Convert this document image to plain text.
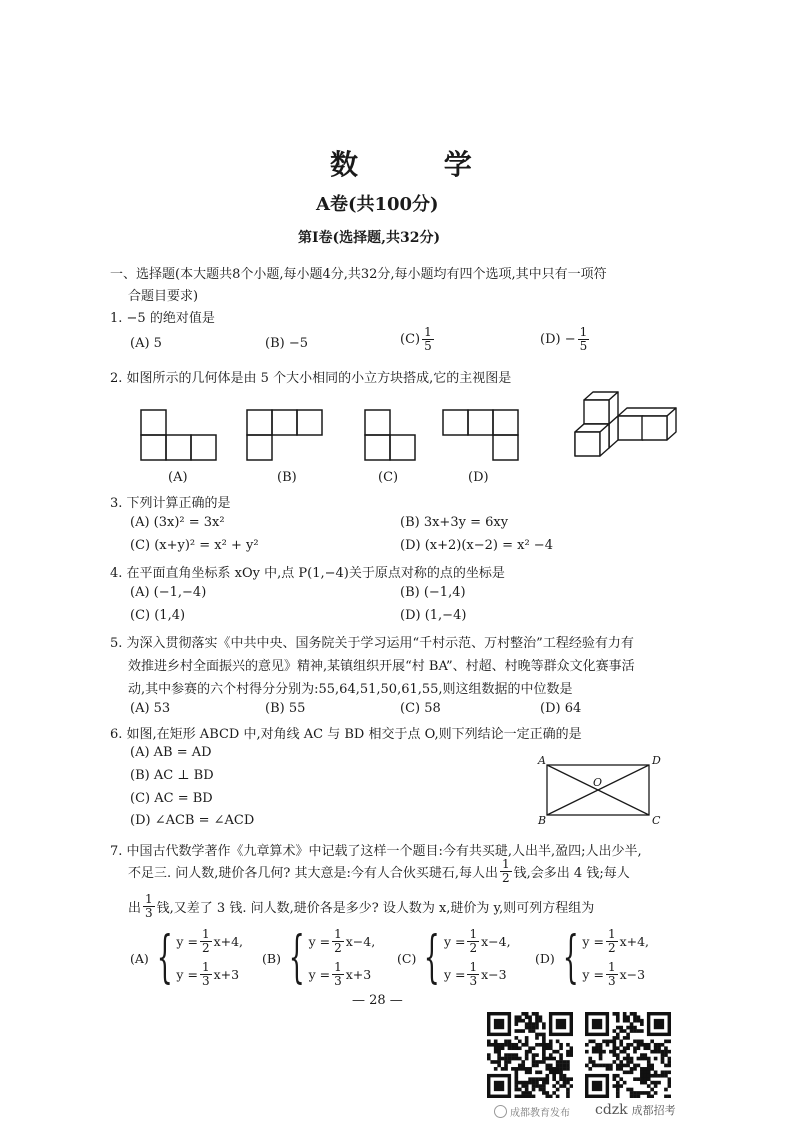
数 学
A卷(共100分)
第Ⅰ卷(选择题,共32分)
一、选择题(本大题共8个小题,每小题4分,共32分,每小题均有四个选项,其中只有一项符
合题目要求)
1. −5 的绝对值是
(A) 5	(B) −5	$(C) \frac{1}{5}$	$(D) - \frac{1}{5}$
2. 如图所示的几何体是由 5 个大小相同的小立方块搭成,它的主视图是
(A)	(B)	(C)	(D)
3. 下列计算正确的是
(A) (3x)² = 3x²	(B) 3x+3y = 6xy
(C) (x+y)² = x² + y²	(D) (x+2)(x−2) = x² −4
4. 在平面直角坐标系 xOy 中,点 P(1,−4)关于原点对称的点的坐标是
(A) (−1,−4)	(B) (−1,4)
(C) (1,4)	(D) (1,−4)
5. 为深入贯彻落实《中共中央、国务院关于学习运用“千村示范、万村整治”工程经验有力有
效推进乡村全面振兴的意见》精神,某镇组织开展“村 BA”、村超、村晚等群众文化赛事活
动,其中参赛的六个村得分分别为:55,64,51,50,61,55,则这组数据的中位数是
(A) 53	(B) 55	(C) 58	(D) 64
6. 如图,在矩形 ABCD 中,对角线 AC 与 BD 相交于点 O,则下列结论一定正确的是
(A) AB = AD
(B) AC ⊥ BD
(C) AC = BD
(D) ∠ACB = ∠ACD
A	D
B	C
O
7. 中国古代数学著作《九章算术》中记载了这样一个题目:今有共买琎,人出半,盈四;人出少半,
不足三. 问人数,琎价各几何? 其大意是:今有人合伙买琎石,每人出 $\frac{1}{2}$ 钱,会多出 4 钱;每人
出 $\frac{1}{3}$ 钱,又差了 3 钱. 问人数,琎价各是多少? 设人数为 x,琎价为 y,则可列方程组为
(A) { $y = \frac{1}{2} x+4$,
$y = \frac{1}{3} x+3$
(B) { $y = \frac{1}{2} x-4$,
$y = \frac{1}{3} x+3$
(C) { $y = \frac{1}{2} x-4$,
$y = \frac{1}{3} x-3$
(D) { $y = \frac{1}{2} x+4$,
$y = \frac{1}{3} x-3$
— 28 —
成都教育发布 cdzk 成都招考
